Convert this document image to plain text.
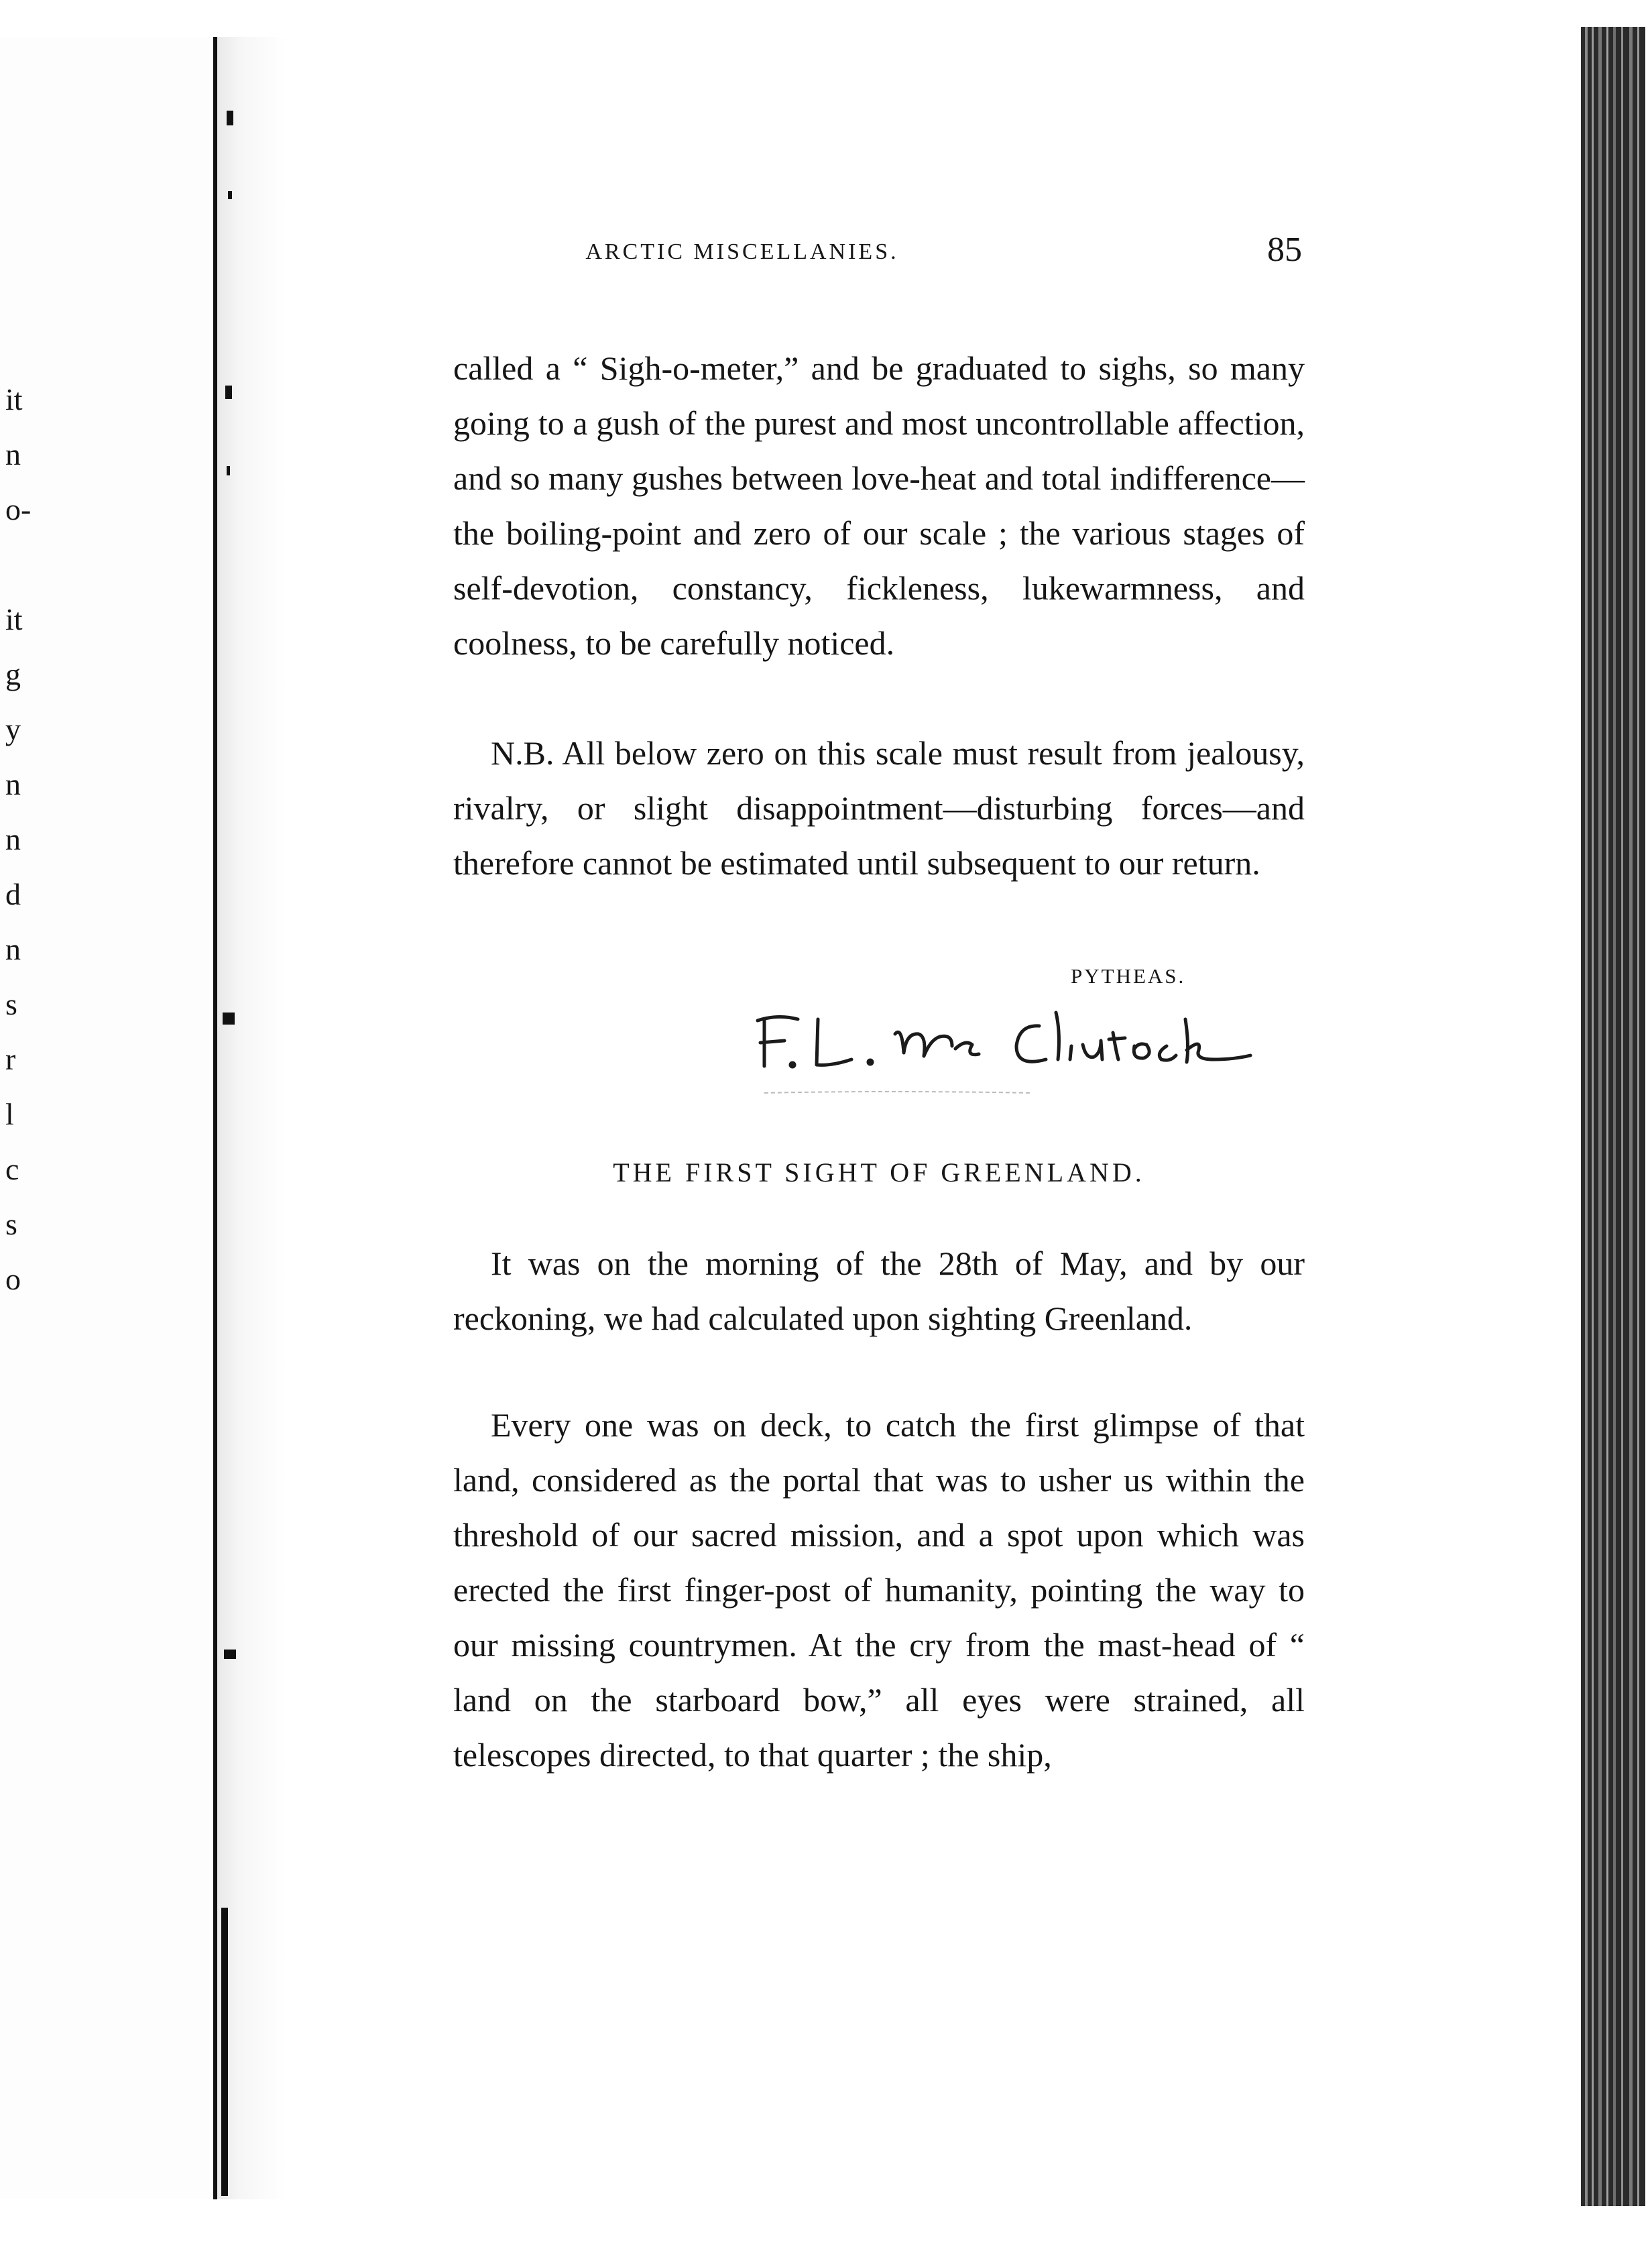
it
n
o-
it
g
y
n
n
d
n
s
r
l
c
s
o
ARCTIC MISCELLANIES.	85

called a “ Sigh-o-meter,” and be graduated to sighs, so many going to a gush of the purest and most uncontrollable affection, and so many gushes between love-heat and total indifference—the boiling-point and zero of our scale ; the various stages of self-devotion, constancy, fickleness, lukewarmness, and coolness, to be carefully noticed.

N.B. All below zero on this scale must result from jealousy, rivalry, or slight disappointment—disturbing forces—and therefore cannot be estimated until subsequent to our return.

PYTHEAS.
THE FIRST SIGHT OF GREENLAND.

It was on the morning of the 28th of May, and by our reckoning, we had calculated upon sighting Greenland.

Every one was on deck, to catch the first glimpse of that land, considered as the portal that was to usher us within the threshold of our sacred mission, and a spot upon which was erected the first finger-post of humanity, pointing the way to our missing countrymen. At the cry from the mast-head of “ land on the starboard bow,” all eyes were strained, all telescopes directed, to that quarter ; the ship,
